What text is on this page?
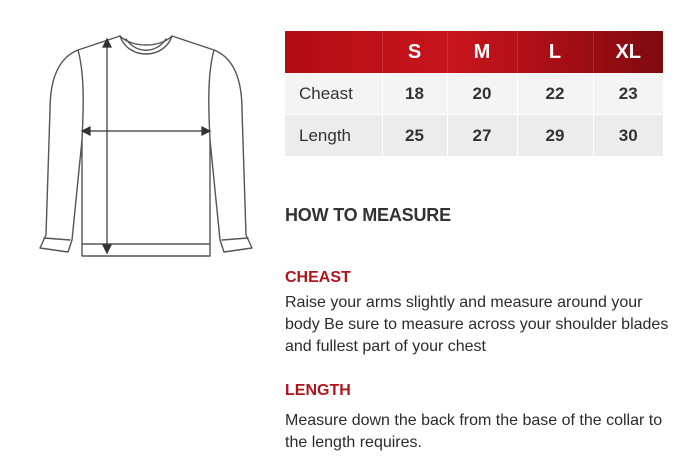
	S	M	L	XL
Cheast	18	20	22	23
Length	25	27	29	30
HOW TO MEASURE
CHEAST

Raise your arms slightly and measure around your body Be sure to measure across your shoulder blades and fullest part of your chest

LENGTH

Measure down the back from the base of the collar to the length requires.
